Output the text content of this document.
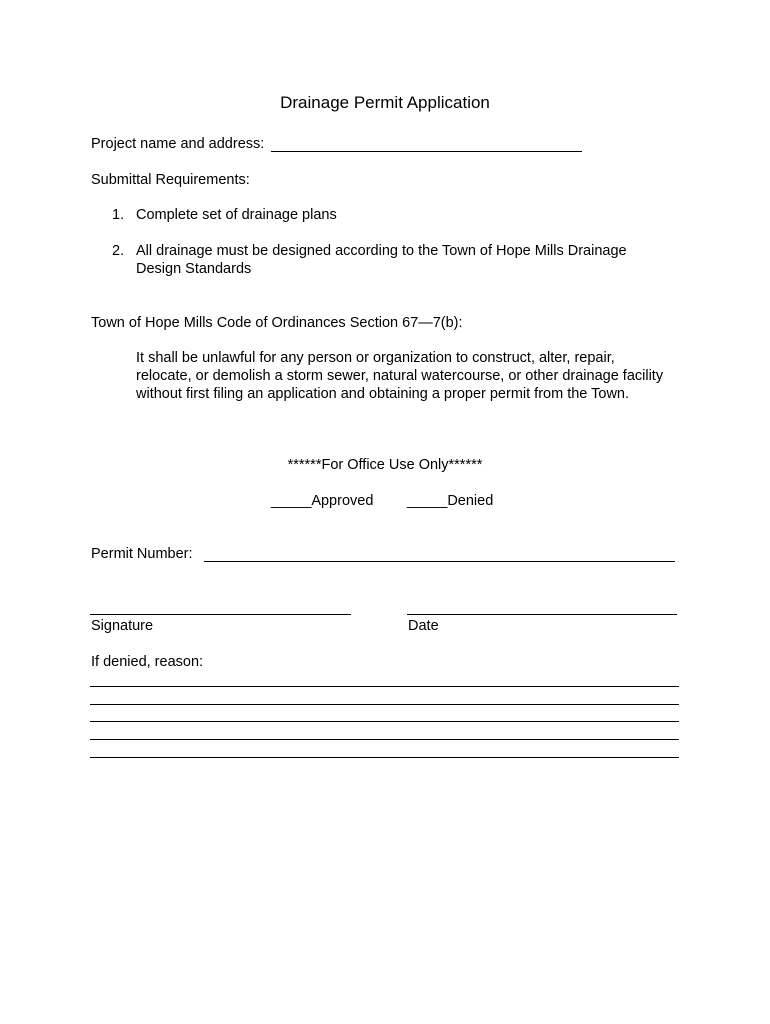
Drainage Permit Application
Project name and address:
Submittal Requirements:
1. Complete set of drainage plans
2. All drainage must be designed according to the Town of Hope Mills Drainage Design Standards
Town of Hope Mills Code of Ordinances Section 67—7(b):
It shall be unlawful for any person or organization to construct, alter, repair, relocate, or demolish a storm sewer, natural watercourse, or other drainage facility without first filing an application and obtaining a proper permit from the Town.
******For Office Use Only******
_____Approved _____Denied
Permit Number:
Signature	Date
If denied, reason:
